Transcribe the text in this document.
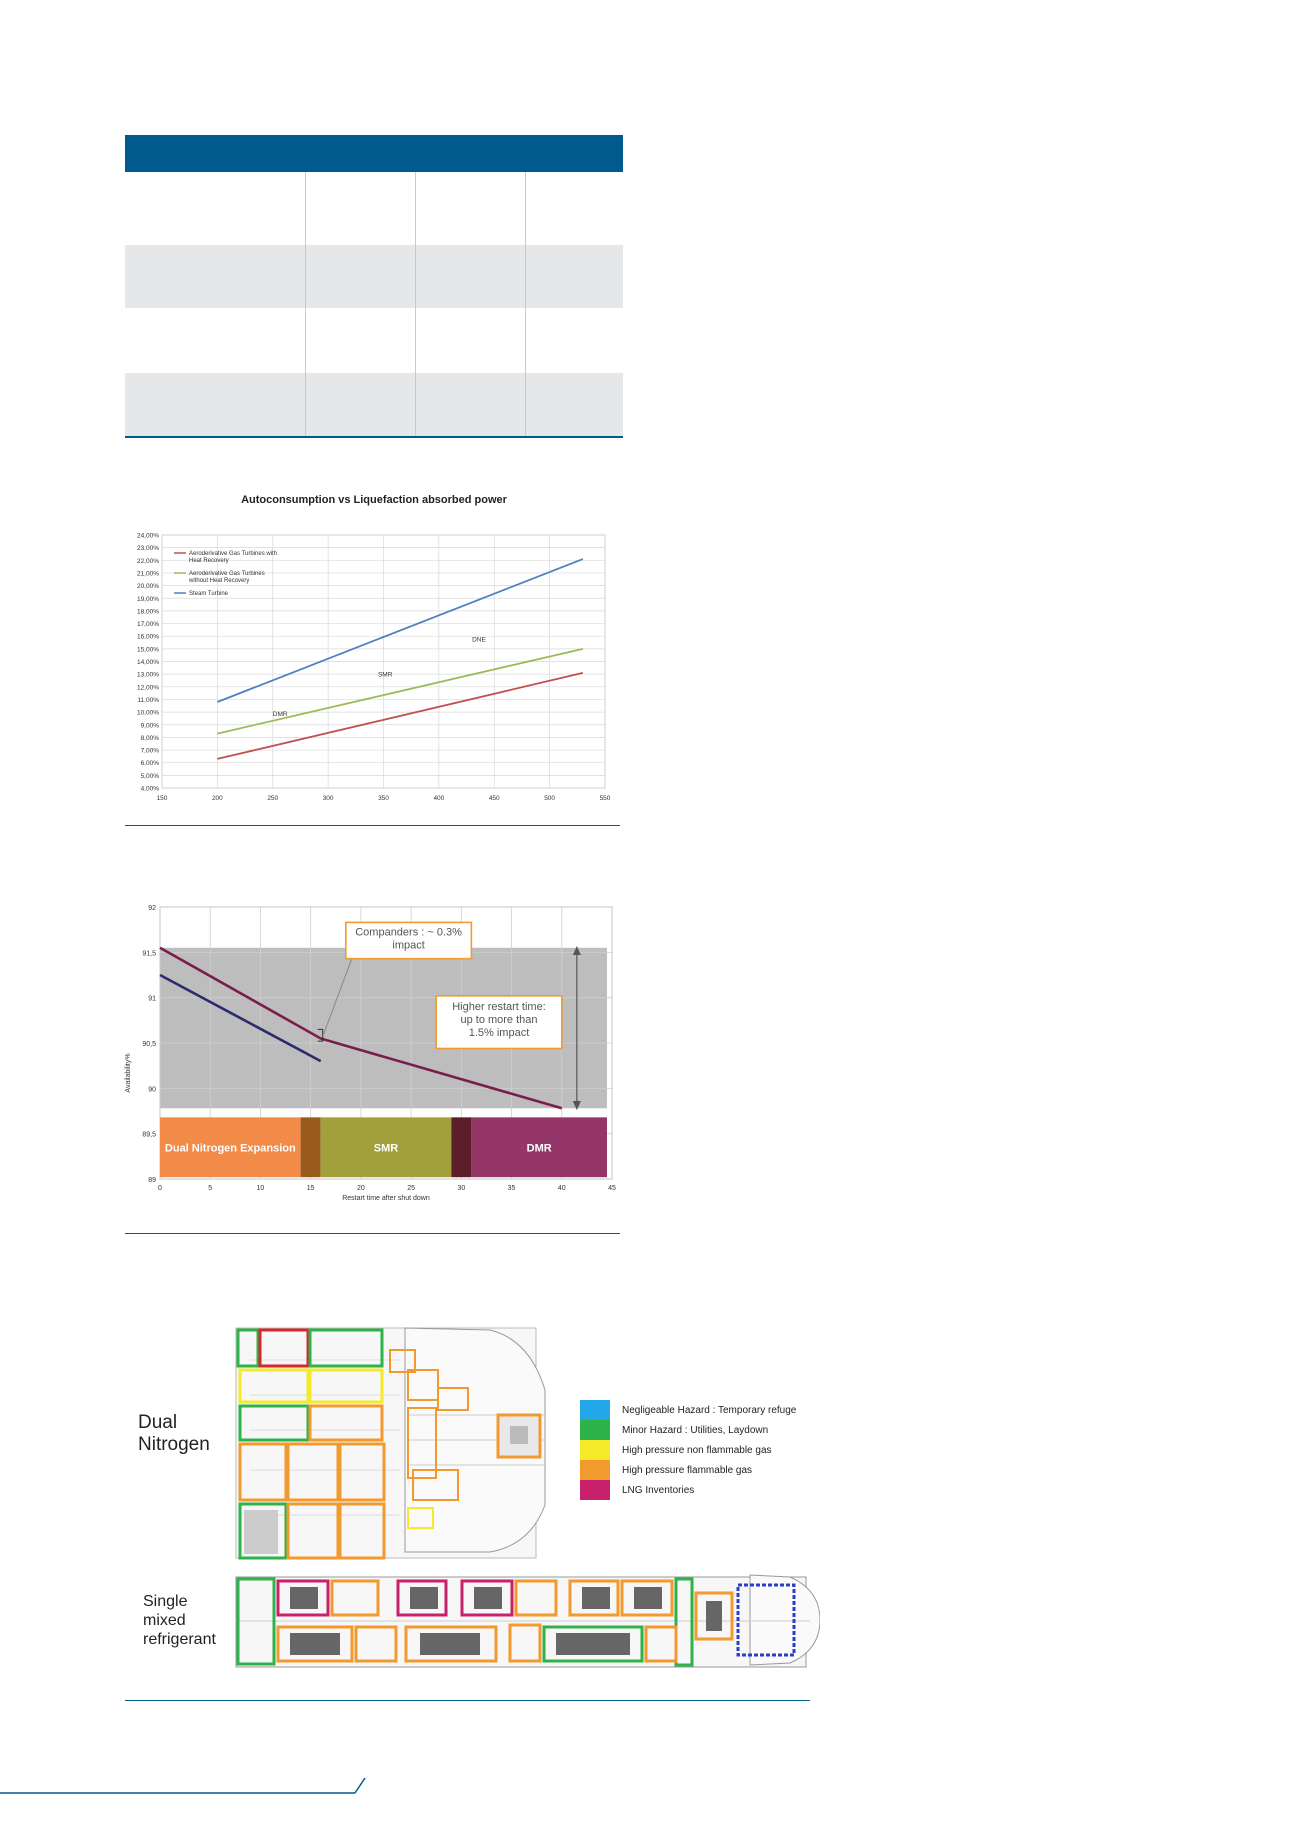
Autoconsumption vs Liquefaction absorbed power
4,00%
5,00%
6,00%
7,00%
8,00%
9,00%
10,00%
11,00%
12,00%
13,00%
14,00%
15,00%
16,00%
17,00%
18,00%
19,00%
20,00%
21,00%
22,00%
23,00%
24,00%
150	200	250	300	350	400	450	500	550
Aeroderivative Gas Turbines with Heat Recovery
Aeroderivative Gas Turbines without Heat Recovery
Steam Turbine
DMR
SMR
DNE
89
89,5
90
90,5
91
91,5
92
0	5	10	15	20	25	30	35	40	45
Dual Nitrogen Expansion	SMR	DMR
Companders : ~ 0.3%
impact
Higher restart time:
up to more than
1.5% impact
Restart time after shut down
Availability%
Dual
Nitrogen
Single
mixed
refrigerant
Negligeable Hazard : Temporary refuge
Minor Hazard : Utilities, Laydown
High pressure non flammable gas
High pressure flammable gas
LNG Inventories
